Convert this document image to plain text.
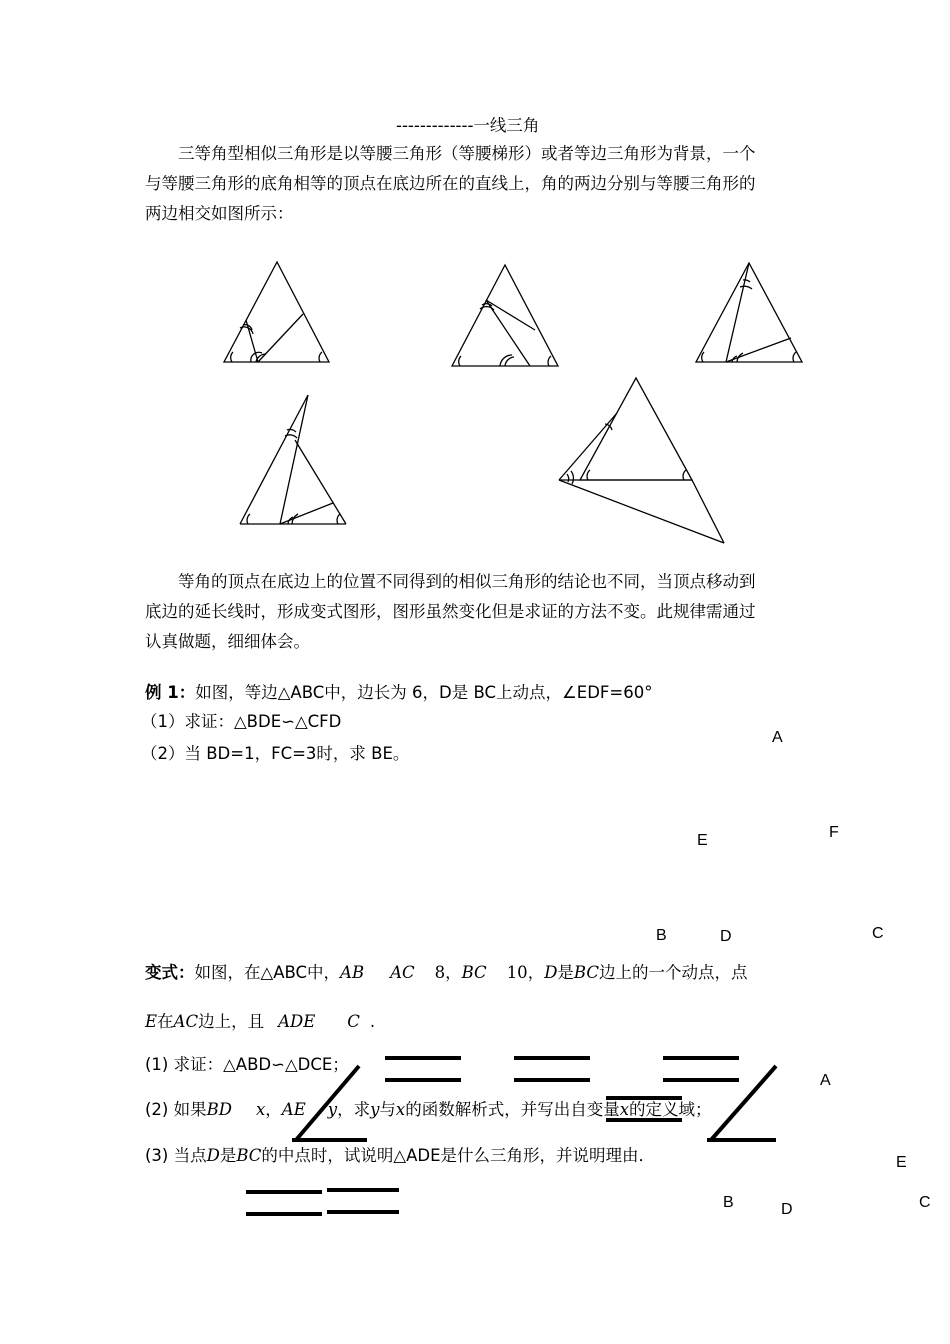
-------------一线三角
三等角型相似三角形是以等腰三角形（等腰梯形）或者等边三角形为背景，一个
与等腰三角形的底角相等的顶点在底边所在的直线上，角的两边分别与等腰三角形的
两边相交如图所示：
等角的顶点在底边上的位置不同得到的相似三角形的结论也不同，当顶点移动到
底边的延长线时，形成变式图形，图形虽然变化但是求证的方法不变。此规律需通过
认真做题，细细体会。
例 1：如图，等边△ABC中，边长为 6，D是 BC上动点，∠EDF=60°
（1）求证：△BDE∽△CFD
（2）当 BD=1，FC=3时，求 BE。
A
E	F
B	D	C
变式：如图，在△ABC中，AB AC 8，BC 10，D是BC边上的一个动点，点
E在AC边上，且 ADE C .
(1) 求证：△ABD∽△DCE；
(2) 如果BD x，AE y，求y与x的函数解析式，并写出自变量x的定义域；
(3) 当点D是BC的中点时，试说明△ADE是什么三角形，并说明理由．
A
E
B	D	C
